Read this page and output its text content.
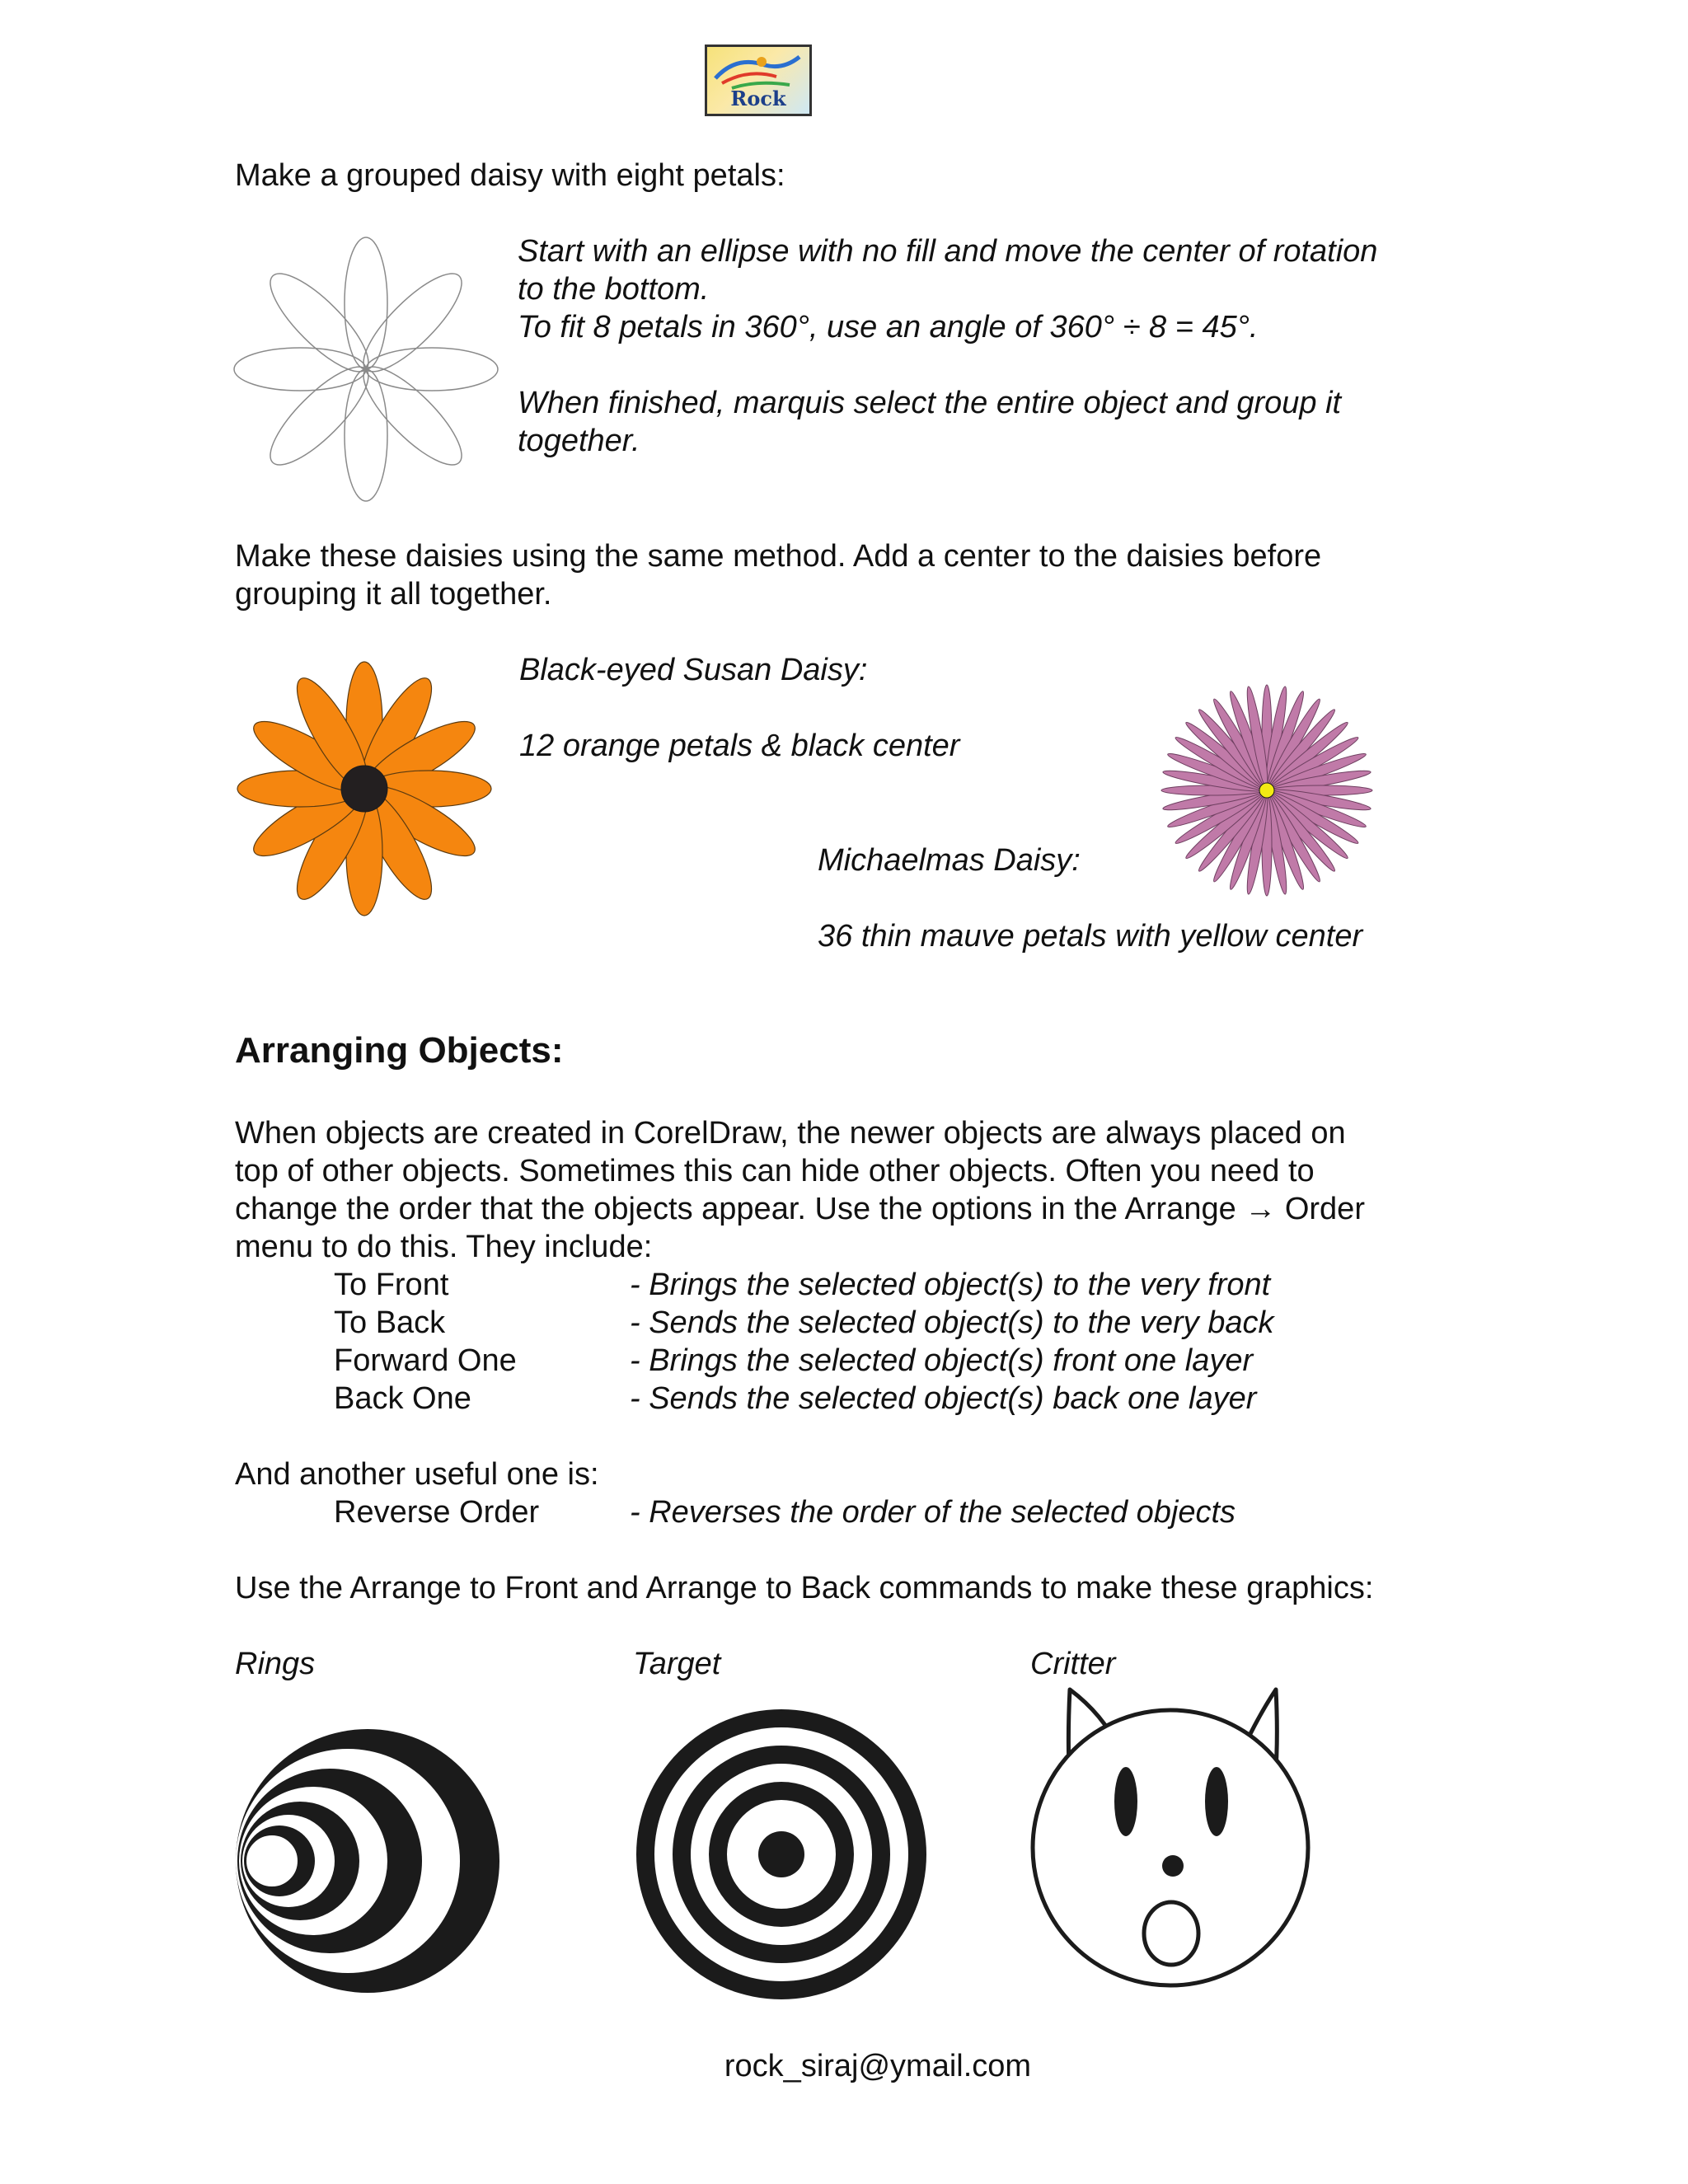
Rock

Make a grouped daisy with eight petals:

Start with an ellipse with no fill and move the center of rotation

to the bottom.

To fit 8 petals in 360°, use an angle of 360° ÷ 8 = 45°.

When finished, marquis select the entire object and group it

together.

Make these daisies using the same method. Add a center to the daisies before

grouping it all together.

Black-eyed Susan Daisy:

12 orange petals & black center

Michaelmas Daisy:

36 thin mauve petals with yellow center

Arranging Objects:

When objects are created in CorelDraw, the newer objects are always placed on

top of other objects. Sometimes this can hide other objects. Often you need to

change the order that the objects appear. Use the options in the Arrange → Order

menu to do this. They include:

To Front	- Brings the selected object(s) to the very front

To Back	- Sends the selected object(s) to the very back

Forward One	- Brings the selected object(s) front one layer

Back One	- Sends the selected object(s) back one layer

And another useful one is:

Reverse Order	- Reverses the order of the selected objects

Use the Arrange to Front and Arrange to Back commands to make these graphics:

Rings	Target	Critter

rock_siraj@ymail.com
